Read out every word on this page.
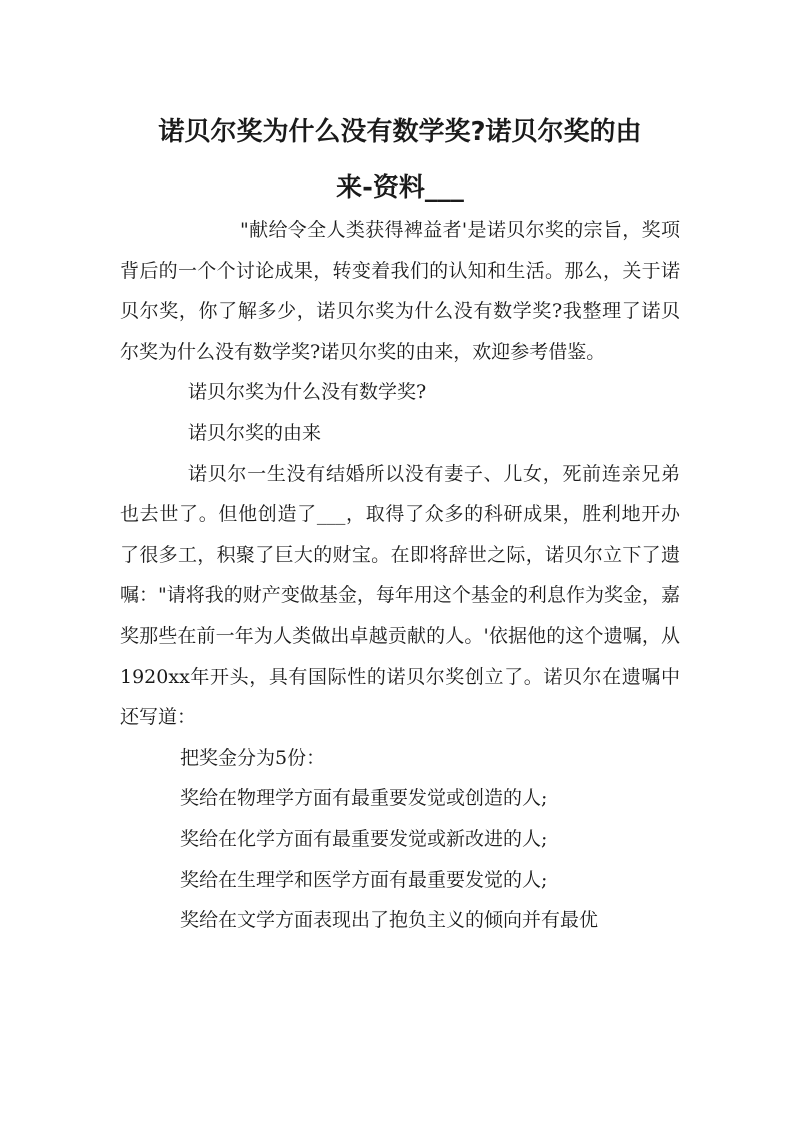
诺贝尔奖为什么没有数学奖?诺贝尔奖的由
来-资料___

"献给令全人类获得裨益者'是诺贝尔奖的宗旨，奖项背后的一个个讨论成果，转变着我们的认知和生活。那么，关于诺贝尔奖，你了解多少，诺贝尔奖为什么没有数学奖?我整理了诺贝尔奖为什么没有数学奖?诺贝尔奖的由来，欢迎参考借鉴。

诺贝尔奖为什么没有数学奖?

诺贝尔奖的由来

诺贝尔一生没有结婚所以没有妻子、儿女，死前连亲兄弟也去世了。但他创造了___，取得了众多的科研成果，胜利地开办了很多工，积聚了巨大的财宝。在即将辞世之际，诺贝尔立下了遗嘱："请将我的财产变做基金，每年用这个基金的利息作为奖金，嘉奖那些在前一年为人类做出卓越贡献的人。'依据他的这个遗嘱，从1920xx年开头，具有国际性的诺贝尔奖创立了。诺贝尔在遗嘱中还写道：

把奖金分为5份：

奖给在物理学方面有最重要发觉或创造的人;

奖给在化学方面有最重要发觉或新改进的人;

奖给在生理学和医学方面有最重要发觉的人;

奖给在文学方面表现出了抱负主义的倾向并有最优
